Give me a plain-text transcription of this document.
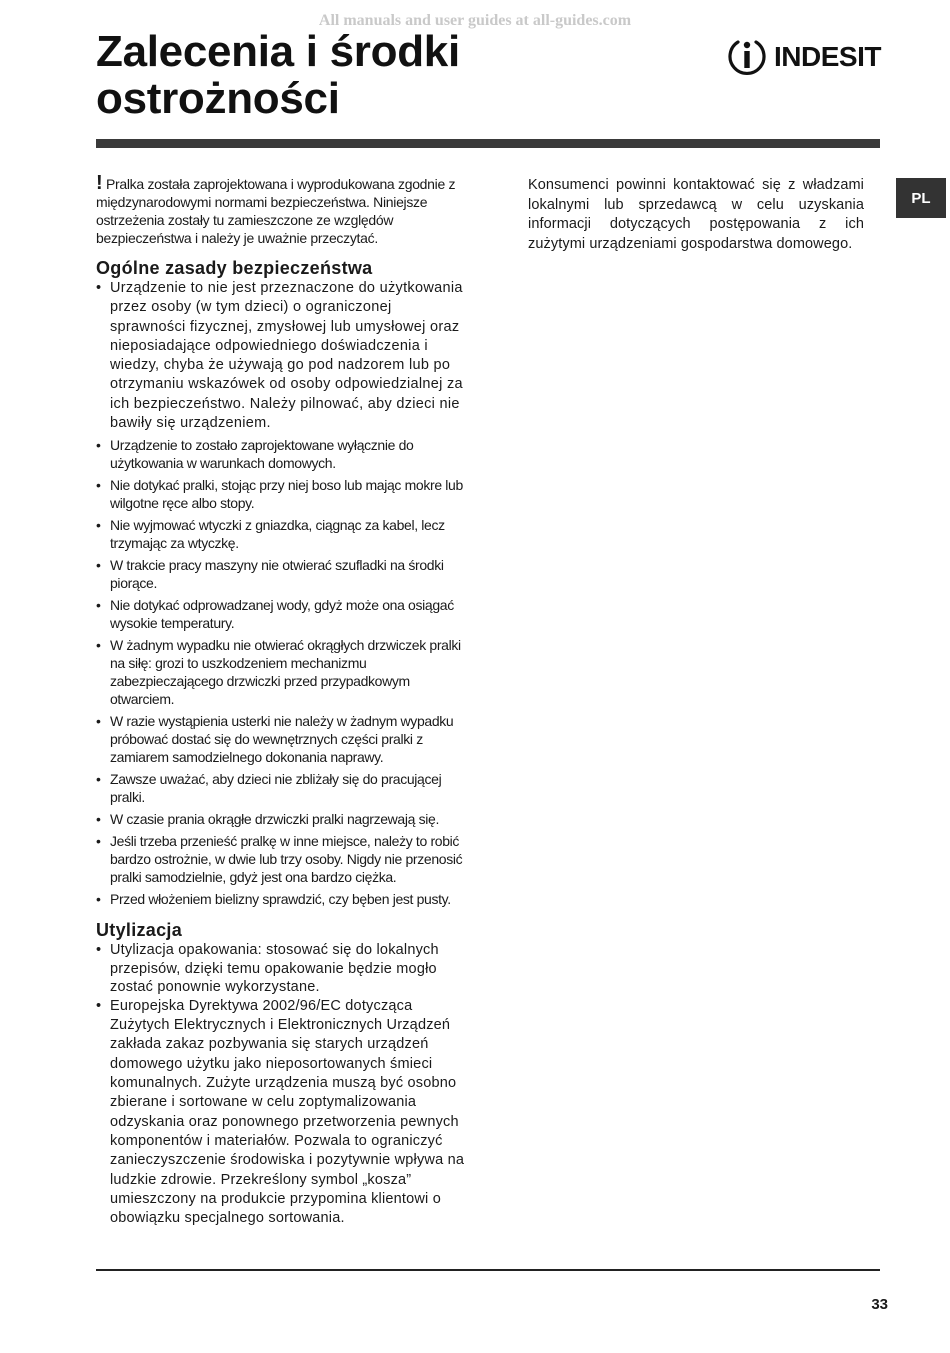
All manuals and user guides at all-guides.com
Zalecenia i środki
ostrożności
INDESIT
PL

! Pralka została zaprojektowana i wyprodukowana zgodnie z międzynarodowymi normami bezpieczeństwa. Niniejsze ostrzeżenia zostały tu zamieszczone ze względów bezpieczeństwa i należy je uważnie przeczytać.

Ogólne zasady bezpieczeństwa
• Urządzenie to nie jest przeznaczone do użytkowania przez osoby (w tym dzieci) o ograniczonej sprawności fizycznej, zmysłowej lub umysłowej oraz nieposiadające odpowiedniego doświadczenia i wiedzy, chyba że używają go pod nadzorem lub po otrzymaniu wskazówek od osoby odpowiedzialnej za ich bezpieczeństwo. Należy pilnować, aby dzieci nie bawiły się urządzeniem.
• Urządzenie to zostało zaprojektowane wyłącznie do użytkowania w warunkach domowych.
• Nie dotykać pralki, stojąc przy niej boso lub mając mokre lub wilgotne ręce albo stopy.
• Nie wyjmować wtyczki z gniazdka, ciągnąc za kabel, lecz trzymając za wtyczkę.
• W trakcie pracy maszyny nie otwierać szufladki na środki piorące.
• Nie dotykać odprowadzanej wody, gdyż może ona osiągać wysokie temperatury.
• W żadnym wypadku nie otwierać okrągłych drzwiczek pralki na siłę: grozi to uszkodzeniem mechanizmu zabezpieczającego drzwiczki przed przypadkowym otwarciem.
• W razie wystąpienia usterki nie należy w żadnym wypadku próbować dostać się do wewnętrznych części pralki z zamiarem samodzielnego dokonania naprawy.
• Zawsze uważać, aby dzieci nie zbliżały się do pracującej pralki.
• W czasie prania okrągłe drzwiczki pralki nagrzewają się.
• Jeśli trzeba przenieść pralkę w inne miejsce, należy to robić bardzo ostrożnie, w dwie lub trzy osoby. Nigdy nie przenosić pralki samodzielnie, gdyż jest ona bardzo ciężka.
• Przed włożeniem bielizny sprawdzić, czy bęben jest pusty.
Utylizacja
• Utylizacja opakowania: stosować się do lokalnych przepisów, dzięki temu opakowanie będzie mogło zostać ponownie wykorzystane.
• Europejska Dyrektywa 2002/96/EC dotycząca Zużytych Elektrycznych i Elektronicznych Urządzeń zakłada zakaz pozbywania się starych urządzeń domowego użytku jako nieposortowanych śmieci komunalnych. Zużyte urządzenia muszą być osobno zbierane i sortowane w celu zoptymalizowania odzyskania oraz ponownego przetworzenia pewnych komponentów i materiałów. Pozwala to ograniczyć zanieczyszczenie środowiska i pozytywnie wpływa na ludzkie zdrowie. Przekreślony symbol „kosza” umieszczony na produkcie przypomina klientowi o obowiązku specjalnego sortowania.

Konsumenci powinni kontaktować się z władzami lokalnymi lub sprzedawcą w celu uzyskania informacji dotyczących postępowania z ich zużytymi urządzeniami gospodarstwa domowego.

33
